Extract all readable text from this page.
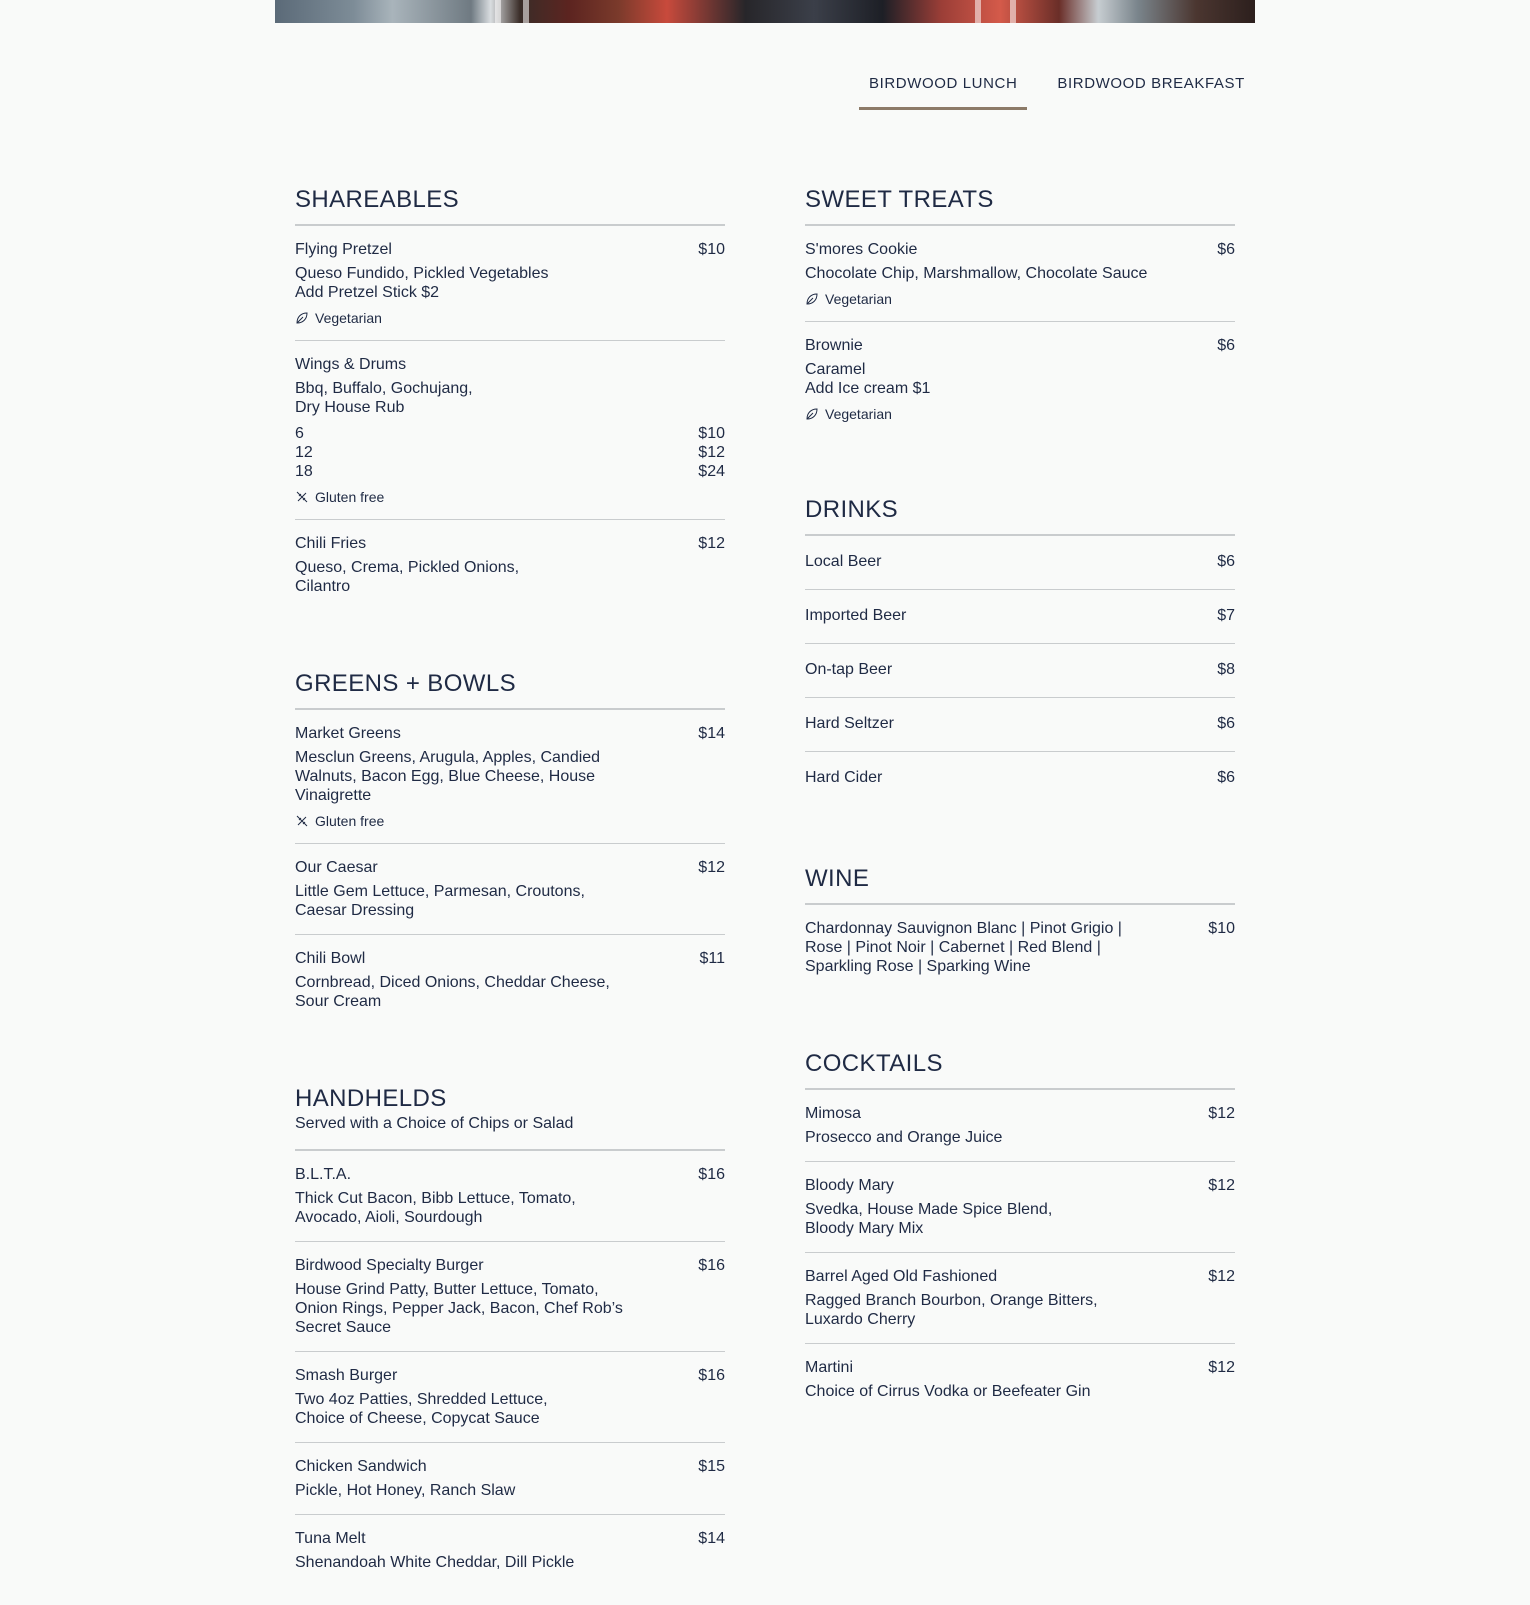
BIRDWOOD LUNCH	BIRDWOOD BREAKFAST
SHAREABLES
Flying Pretzel	$10
Queso Fundido, Pickled Vegetables
Add Pretzel Stick $2
Vegetarian
Wings & Drums
Bbq, Buffalo, Gochujang,
Dry House Rub
6	$10
12	$12
18	$24
Gluten free
Chili Fries	$12
Queso, Crema, Pickled Onions,
Cilantro
GREENS + BOWLS
Market Greens	$14
Mesclun Greens, Arugula, Apples, Candied
Walnuts, Bacon Egg, Blue Cheese, House
Vinaigrette
Gluten free
Our Caesar	$12
Little Gem Lettuce, Parmesan, Croutons,
Caesar Dressing
Chili Bowl	$11
Cornbread, Diced Onions, Cheddar Cheese,
Sour Cream
HANDHELDS
Served with a Choice of Chips or Salad
B.L.T.A.	$16
Thick Cut Bacon, Bibb Lettuce, Tomato,
Avocado, Aioli, Sourdough
Birdwood Specialty Burger	$16
House Grind Patty, Butter Lettuce, Tomato,
Onion Rings, Pepper Jack, Bacon, Chef Rob’s
Secret Sauce
Smash Burger	$16
Two 4oz Patties, Shredded Lettuce,
Choice of Cheese, Copycat Sauce
Chicken Sandwich	$15
Pickle, Hot Honey, Ranch Slaw
Tuna Melt	$14
Shenandoah White Cheddar, Dill Pickle
SWEET TREATS
S'mores Cookie	$6
Chocolate Chip, Marshmallow, Chocolate Sauce
Vegetarian
Brownie	$6
Caramel
Add Ice cream $1
Vegetarian
DRINKS
Local Beer	$6
Imported Beer	$7
On-tap Beer	$8
Hard Seltzer	$6
Hard Cider	$6
WINE
Chardonnay Sauvignon Blanc | Pinot Grigio |
Rose | Pinot Noir | Cabernet | Red Blend |
Sparkling Rose | Sparking Wine
$10
COCKTAILS
Mimosa	$12
Prosecco and Orange Juice
Bloody Mary	$12
Svedka, House Made Spice Blend,
Bloody Mary Mix
Barrel Aged Old Fashioned	$12
Ragged Branch Bourbon, Orange Bitters,
Luxardo Cherry
Martini	$12
Choice of Cirrus Vodka or Beefeater Gin
